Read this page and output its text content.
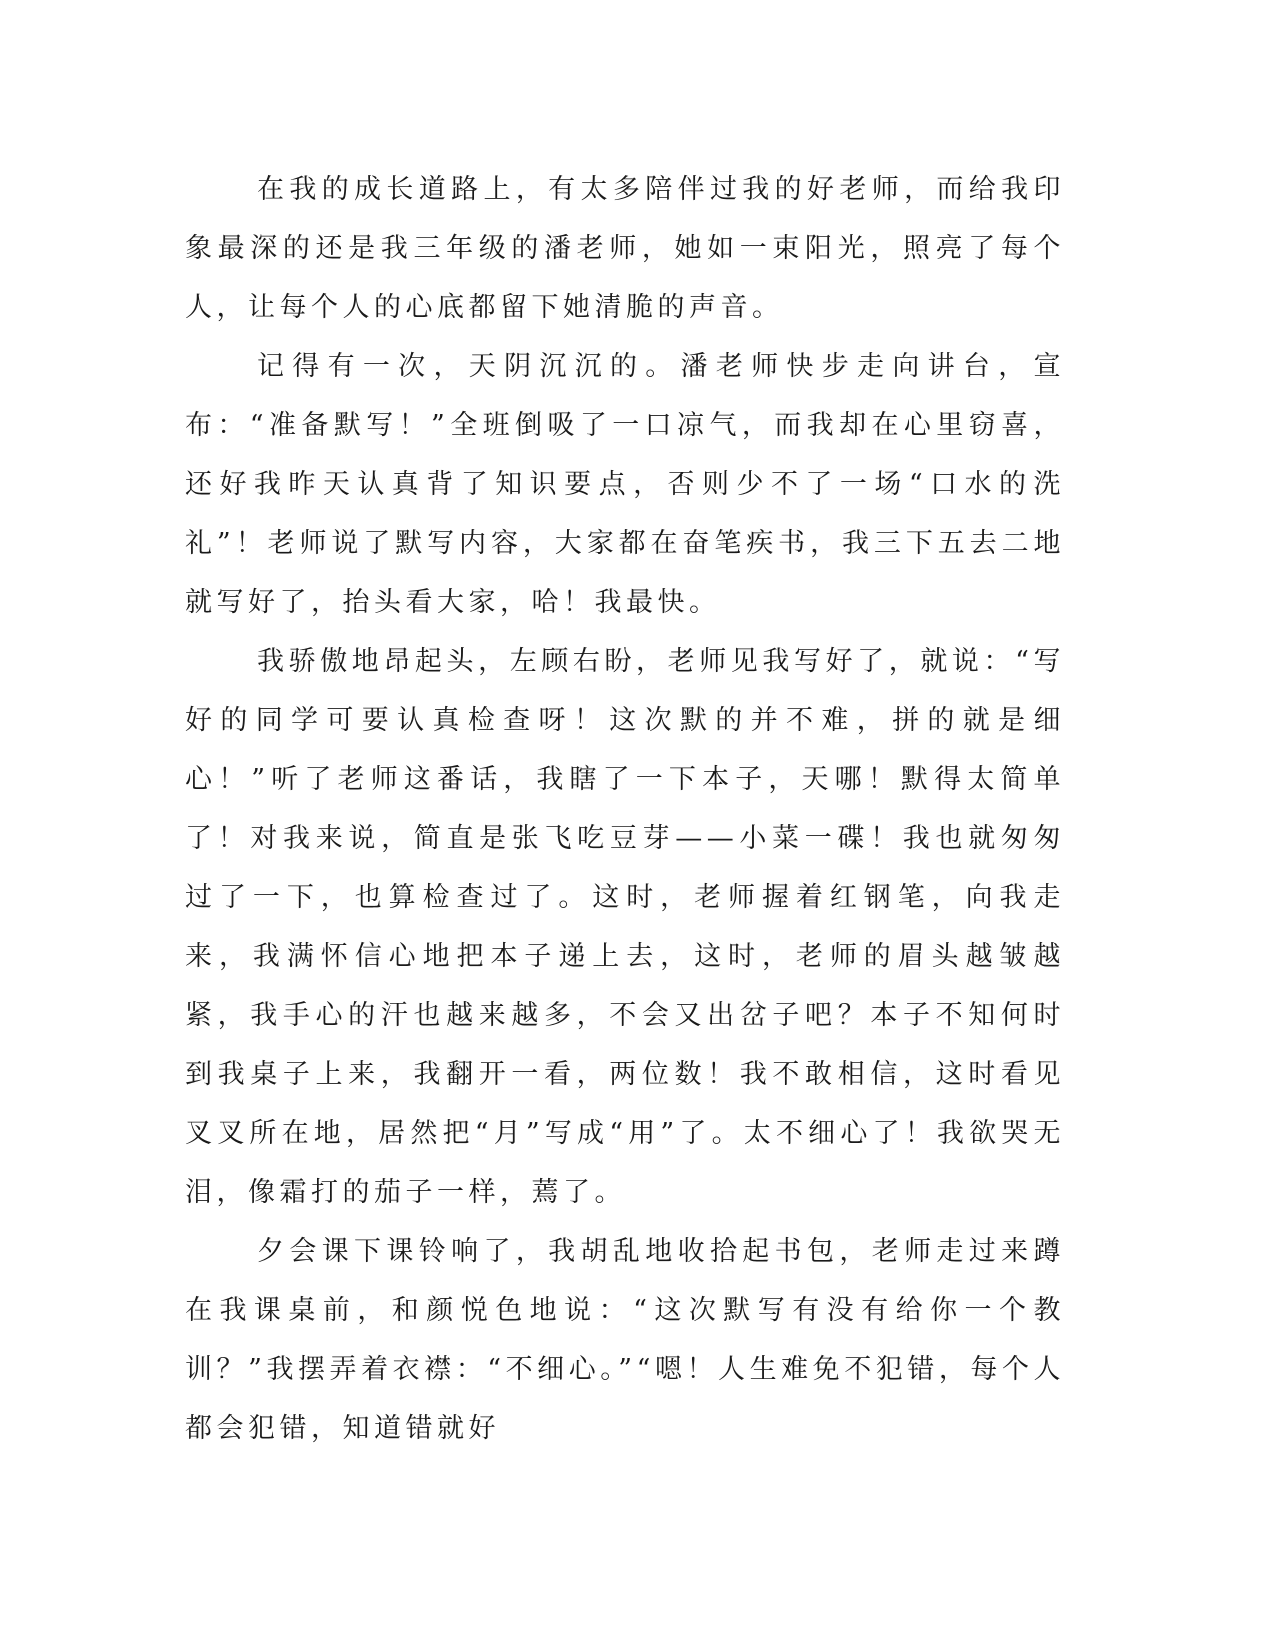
在我的成长道路上，有太多陪伴过我的好老师，而给我印象最深的还是我三年级的潘老师，她如一束阳光，照亮了每个人，让每个人的心底都留下她清脆的声音。

记得有一次，天阴沉沉的。潘老师快步走向讲台，宣布：“准备默写！”全班倒吸了一口凉气，而我却在心里窃喜，还好我昨天认真背了知识要点，否则少不了一场“口水的洗礼”！老师说了默写内容，大家都在奋笔疾书，我三下五去二地就写好了，抬头看大家，哈！我最快。

我骄傲地昂起头，左顾右盼，老师见我写好了，就说：“写好的同学可要认真检查呀！这次默的并不难，拼的就是细心！”听了老师这番话，我瞎了一下本子，天哪！默得太简单了！对我来说，简直是张飞吃豆芽——小菜一碟！我也就匆匆过了一下，也算检查过了。这时，老师握着红钢笔，向我走来，我满怀信心地把本子递上去，这时，老师的眉头越皱越紧，我手心的汗也越来越多，不会又出岔子吧？本子不知何时到我桌子上来，我翻开一看，两位数！我不敢相信，这时看见叉叉所在地，居然把“月”写成“用”了。太不细心了！我欲哭无泪，像霜打的茄子一样，蔫了。

夕会课下课铃响了，我胡乱地收拾起书包，老师走过来蹲在我课桌前，和颜悦色地说：“这次默写有没有给你一个教训？”我摆弄着衣襟：“不细心。”“嗯！人生难免不犯错，每个人都会犯错，知道错就好
